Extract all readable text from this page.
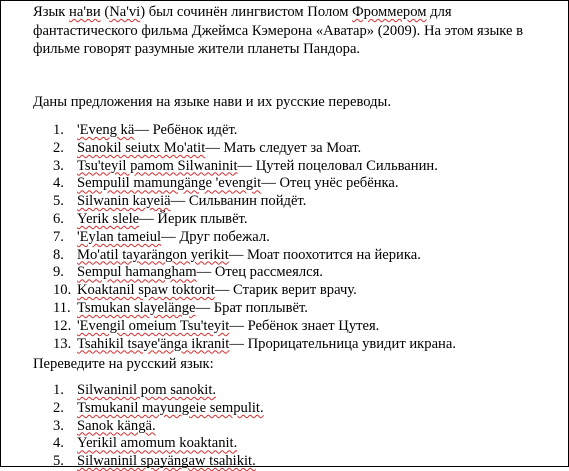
Язык на'ви (Na'vi) был сочинён лингвистом Полом Фроммером для фантастического фильма Джеймса Кэмерона «Аватар» (2009). На этом языке в фильме говорят разумные жители планеты Пандора.

Даны предложения на языке нави и их русские переводы.
1. 'Eveng kä — Ребёнок идёт.
2. Sanokil seiutx Mo'atit — Мать следует за Моат.
3. Tsu'teyil pamom Silwaninit — Цутей поцеловал Сильванин.
4. Sempulil mamungänge 'evengit — Отец унёс ребёнка.
5. Silwanin kayeiä — Сильванин пойдёт.
6. Yerik slele — Йерик плывёт.
7. 'Eylan tameiul — Друг побежал.
8. Mo'atil tayarängon yerikit — Моат поохотится на йерика.
9. Sempul hamangham — Отец рассмеялся.
10. Koaktanil spaw toktorit — Старик верит врачу.
11. Tsmukan slayelänge — Брат поплывёт.
12. 'Evengil omeium Tsu'teyit — Ребёнок знает Цутея.
13. Tsahikil tsaye'änga ikranit — Прорицательница увидит икрана.
Переведите на русский язык:
1. Silwaninil pom sanokit.
2. Tsmukanil mayungeie sempulit.
3. Sanok kängä.
4. Yerikil amomum koaktanit.
5. Silwaninil spayängaw tsahikit.
